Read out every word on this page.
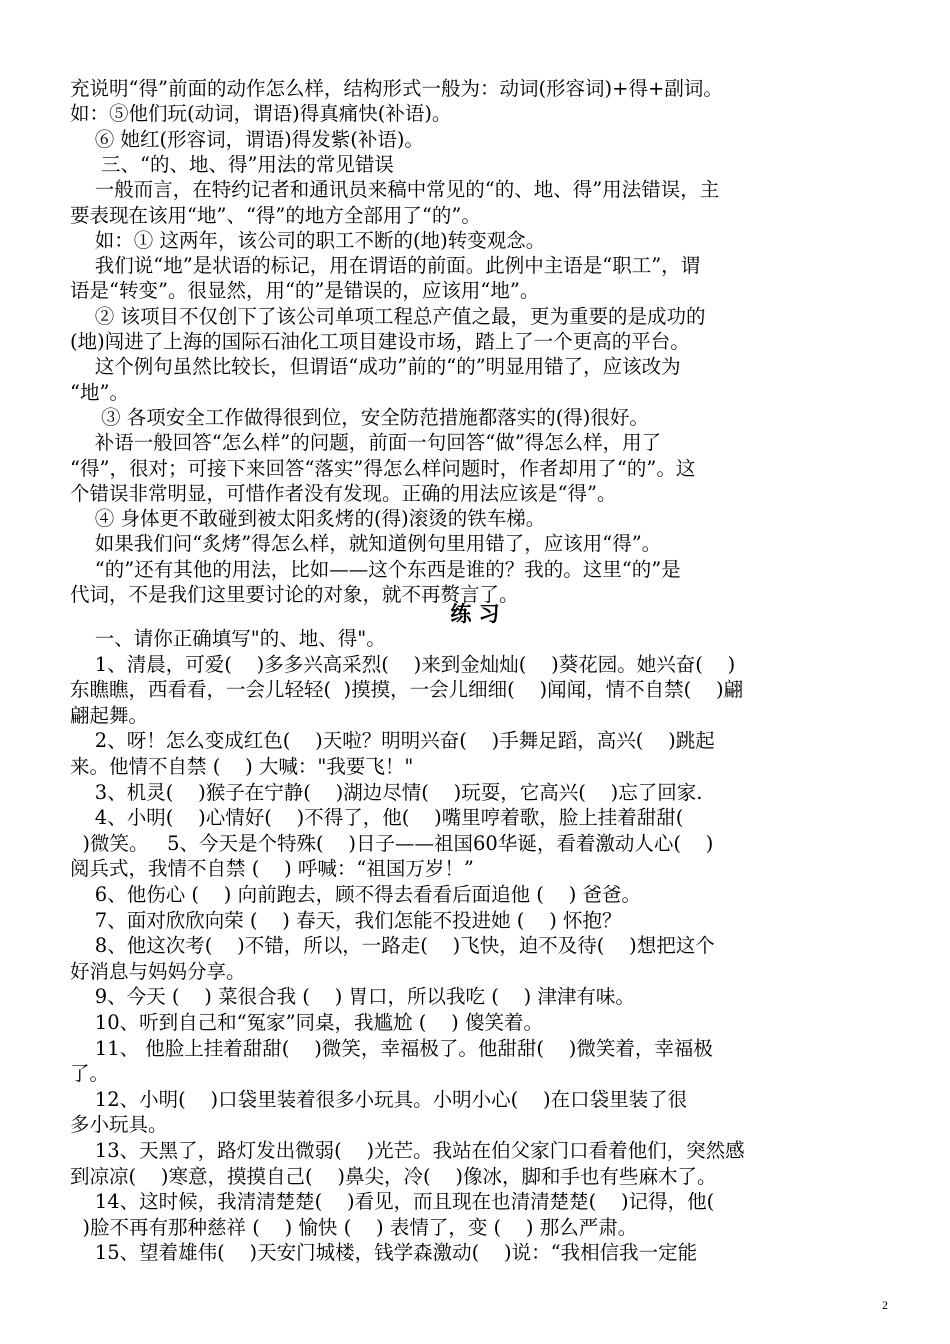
充说明“得”前面的动作怎么样，结构形式一般为：动词(形容词)+得+副词。
如：⑤他们玩(动词，谓语)得真痛快(补语)。
⑥ 她红(形容词，谓语)得发紫(补语)。
三、“的、地、得”用法的常见错误
一般而言，在特约记者和通讯员来稿中常见的“的、地、得”用法错误，主
要表现在该用“地”、“得”的地方全部用了“的”。
如：① 这两年，该公司的职工不断的(地)转变观念。
我们说“地”是状语的标记，用在谓语的前面。此例中主语是“职工”，谓
语是“转变”。很显然，用“的”是错误的，应该用“地”。
② 该项目不仅创下了该公司单项工程总产值之最，更为重要的是成功的
(地)闯进了上海的国际石油化工项目建设市场，踏上了一个更高的平台。
这个例句虽然比较长，但谓语“成功”前的“的”明显用错了，应该改为
“地”。
③ 各项安全工作做得很到位，安全防范措施都落实的(得)很好。
补语一般回答“怎么样”的问题，前面一句回答“做”得怎么样，用了
“得”，很对；可接下来回答“落实”得怎么样问题时，作者却用了“的”。这
个错误非常明显，可惜作者没有发现。正确的用法应该是“得”。
④ 身体更不敢碰到被太阳炙烤的(得)滚烫的铁车梯。
如果我们问“炙烤”得怎么样，就知道例句里用错了，应该用“得”。
“的”还有其他的用法，比如——这个东西是谁的？我的。这里“的”是
代词，不是我们这里要讨论的对象，就不再赘言了。
练 习
一、请你正确填写"的、地、得"。
1、清晨，可爱(    )多多兴高采烈(    )来到金灿灿(    )葵花园。她兴奋(    )
东瞧瞧，西看看，一会儿轻轻(  )摸摸，一会儿细细(    )闻闻，情不自禁(    )翩
翩起舞。
2、呀！怎么变成红色(    )天啦？明明兴奋(    )手舞足蹈，高兴(    )跳起
来。他情不自禁 (    ) 大喊："我要飞！"
3、机灵(    )猴子在宁静(    )湖边尽情(    )玩耍，它高兴(    )忘了回家.
4、小明(    )心情好(    )不得了，他(    )嘴里哼着歌，脸上挂着甜甜(
)微笑。   5、今天是个特殊(    )日子——祖国60华诞，看着激动人心(    )
阅兵式，我情不自禁 (    ) 呼喊：“祖国万岁！”
6、他伤心 (    ) 向前跑去，顾不得去看看后面追他 (    ) 爸爸。
7、面对欣欣向荣 (    ) 春天，我们怎能不投进她 (    ) 怀抱？
8、他这次考(    )不错，所以，一路走(    )飞快，迫不及待(    )想把这个
好消息与妈妈分享。
9、今天 (    ) 菜很合我 (    ) 胃口，所以我吃 (    ) 津津有味。
10、听到自己和“冤家”同桌，我尴尬 (    ) 傻笑着。
11、 他脸上挂着甜甜(    )微笑，幸福极了。他甜甜(    )微笑着，幸福极
了。
12、小明(    )口袋里装着很多小玩具。小明小心(    )在口袋里装了很
多小玩具。
13、天黑了，路灯发出微弱(    )光芒。我站在伯父家门口看着他们，突然感
到凉凉(    )寒意，摸摸自己(    )鼻尖，冷(    )像冰，脚和手也有些麻木了。
14、这时候，我清清楚楚(    )看见，而且现在也清清楚楚(    )记得，他(
)脸不再有那种慈祥 (    ) 愉快 (    ) 表情了，变 (    ) 那么严肃。
15、望着雄伟(    )天安门城楼，钱学森激动(    )说：“我相信我一定能
2
